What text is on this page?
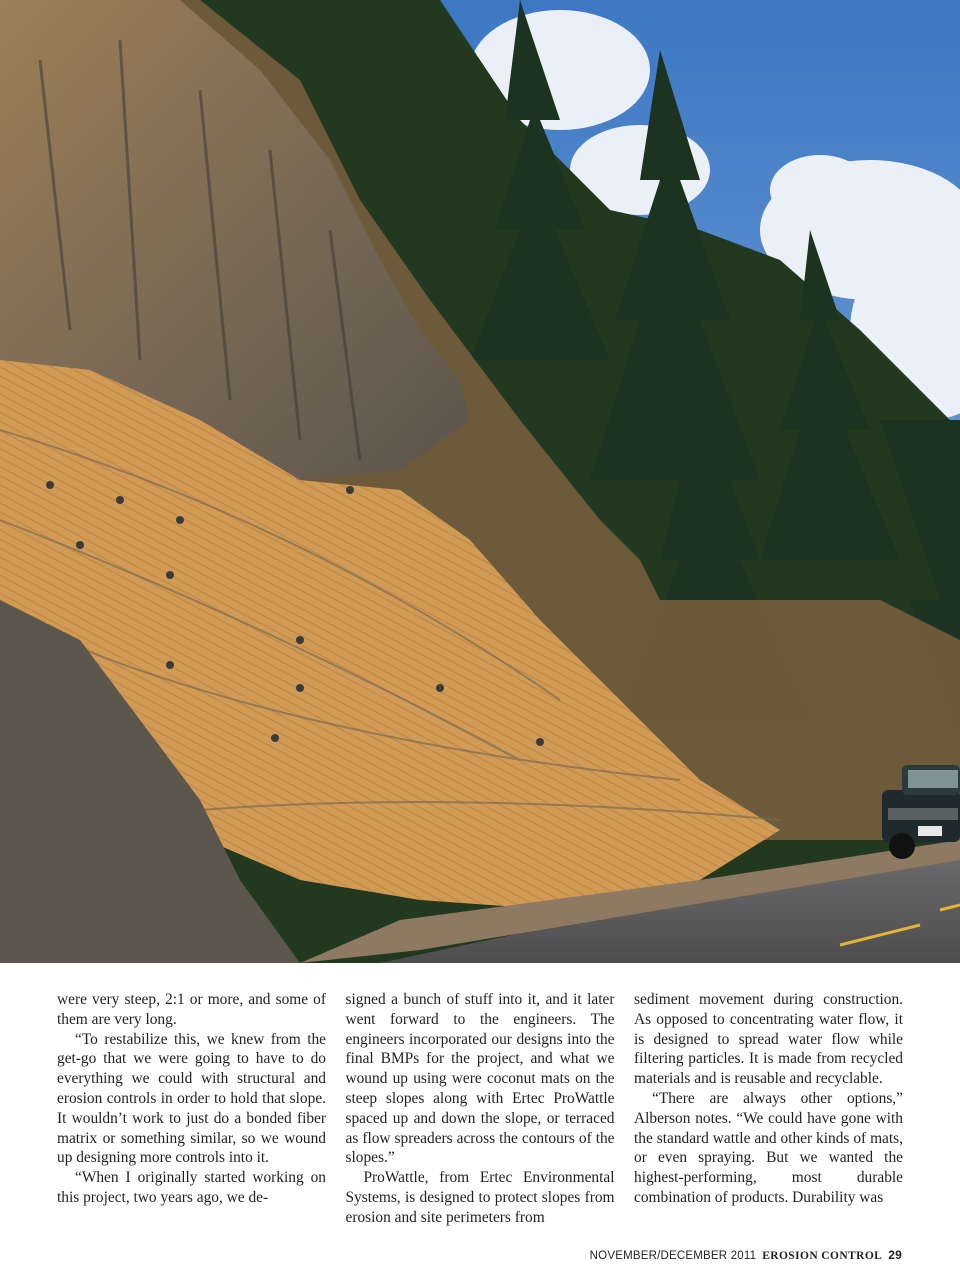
were very steep, 2:1 or more, and some of them are very long.

“To restabilize this, we knew from the get-go that we were going to have to do everything we could with structural and erosion controls in order to hold that slope. It wouldn’t work to just do a bonded fiber matrix or something similar, so we wound up designing more controls into it.

“When I originally started working on this project, two years ago, we de-

signed a bunch of stuff into it, and it later went forward to the engineers. The engineers incorporated our designs into the final BMPs for the project, and what we wound up using were coconut mats on the steep slopes along with Ertec ProWattle spaced up and down the slope, or terraced as flow spreaders across the contours of the slopes.”

ProWattle, from Ertec Environmental Systems, is designed to protect slopes from erosion and site perimeters from

sediment movement during construction. As opposed to concentrating water flow, it is designed to spread water flow while filtering particles. It is made from recycled materials and is reusable and recyclable.

“There are always other options,” Alberson notes. “We could have gone with the standard wattle and other kinds of mats, or even spraying. But we wanted the highest-performing, most durable combination of products. Durability was

NOVEMBER/DECEMBER 2011 EROSION CONTROL 29
